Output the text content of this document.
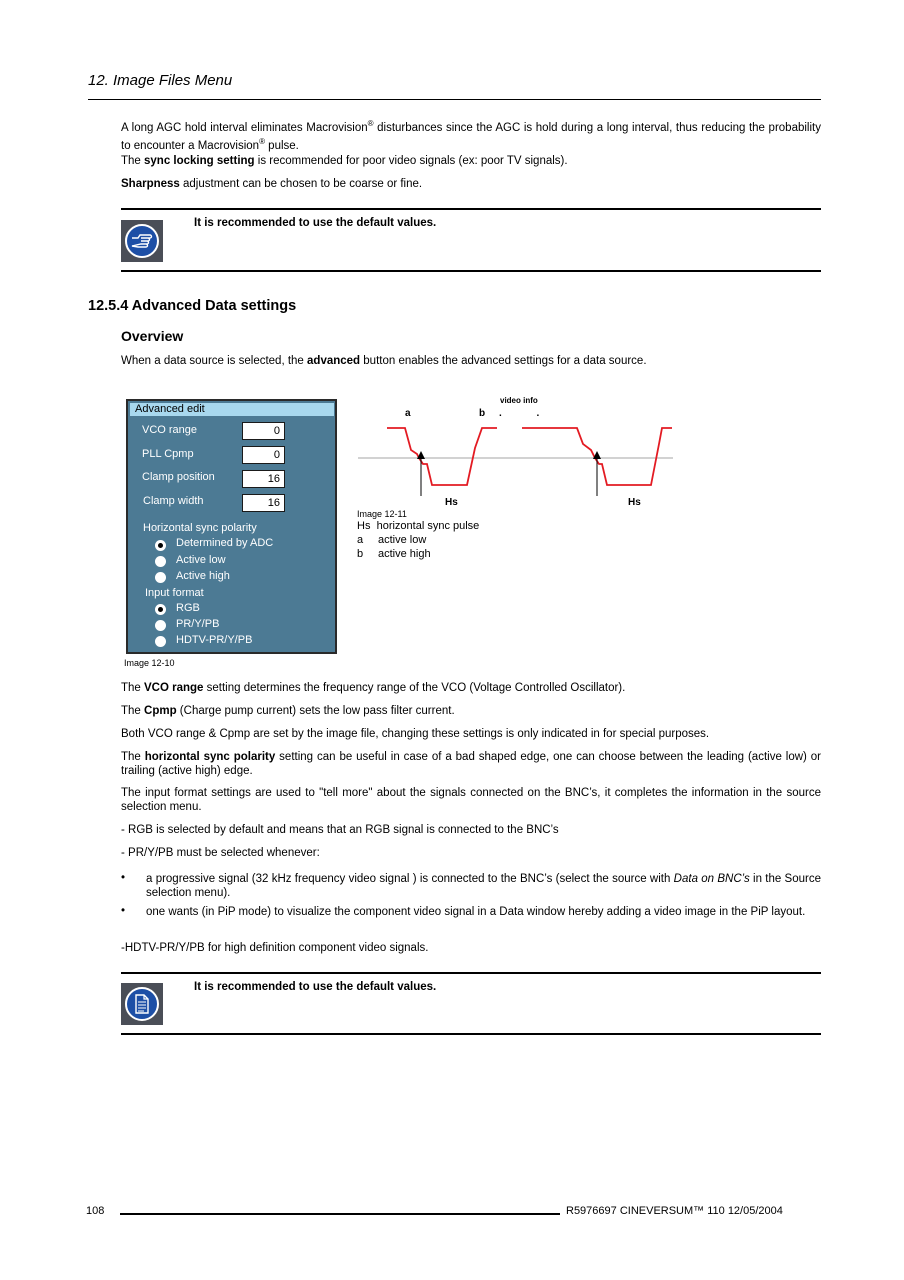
12. Image Files Menu
A long AGC hold interval eliminates Macrovision® disturbances since the AGC is hold during a long interval, thus reducing the probability to encounter a Macrovision® pulse.
The sync locking setting is recommended for poor video signals (ex: poor TV signals).
Sharpness adjustment can be chosen to be coarse or fine.
It is recommended to use the default values.
12.5.4 Advanced Data settings
Overview
When a data source is selected, the advanced button enables the advanced settings for a data source.
Advanced edit
VCO range	0
PLL Cpmp	0
Clamp position	16
Clamp width	16
Horizontal sync polarity
Determined by ADC
Active low
Active high
Input format
RGB
PR/Y/PB
HDTV-PR/Y/PB
Image 12-10
video info
a	b . .
Hs	Hs
Image 12-11
Hs horizontal sync pulse
a active low
b active high
The VCO range setting determines the frequency range of the VCO (Voltage Controlled Oscillator).
The Cpmp (Charge pump current) sets the low pass filter current.
Both VCO range & Cpmp are set by the image file, changing these settings is only indicated in for special purposes.
The horizontal sync polarity setting can be useful in case of a bad shaped edge, one can choose between the leading (active low) or trailing (active high) edge.
The input format settings are used to "tell more" about the signals connected on the BNC’s, it completes the information in the source selection menu.
- RGB is selected by default and means that an RGB signal is connected to the BNC’s
- PR/Y/PB must be selected whenever:
• a progressive signal (32 kHz frequency video signal ) is connected to the BNC’s (select the source with Data on BNC’s in the Source selection menu).
• one wants (in PiP mode) to visualize the component video signal in a Data window hereby adding a video image in the PiP layout.
-HDTV-PR/Y/PB for high definition component video signals.
It is recommended to use the default values.
108	R5976697 CINEVERSUM™ 110 12/05/2004
